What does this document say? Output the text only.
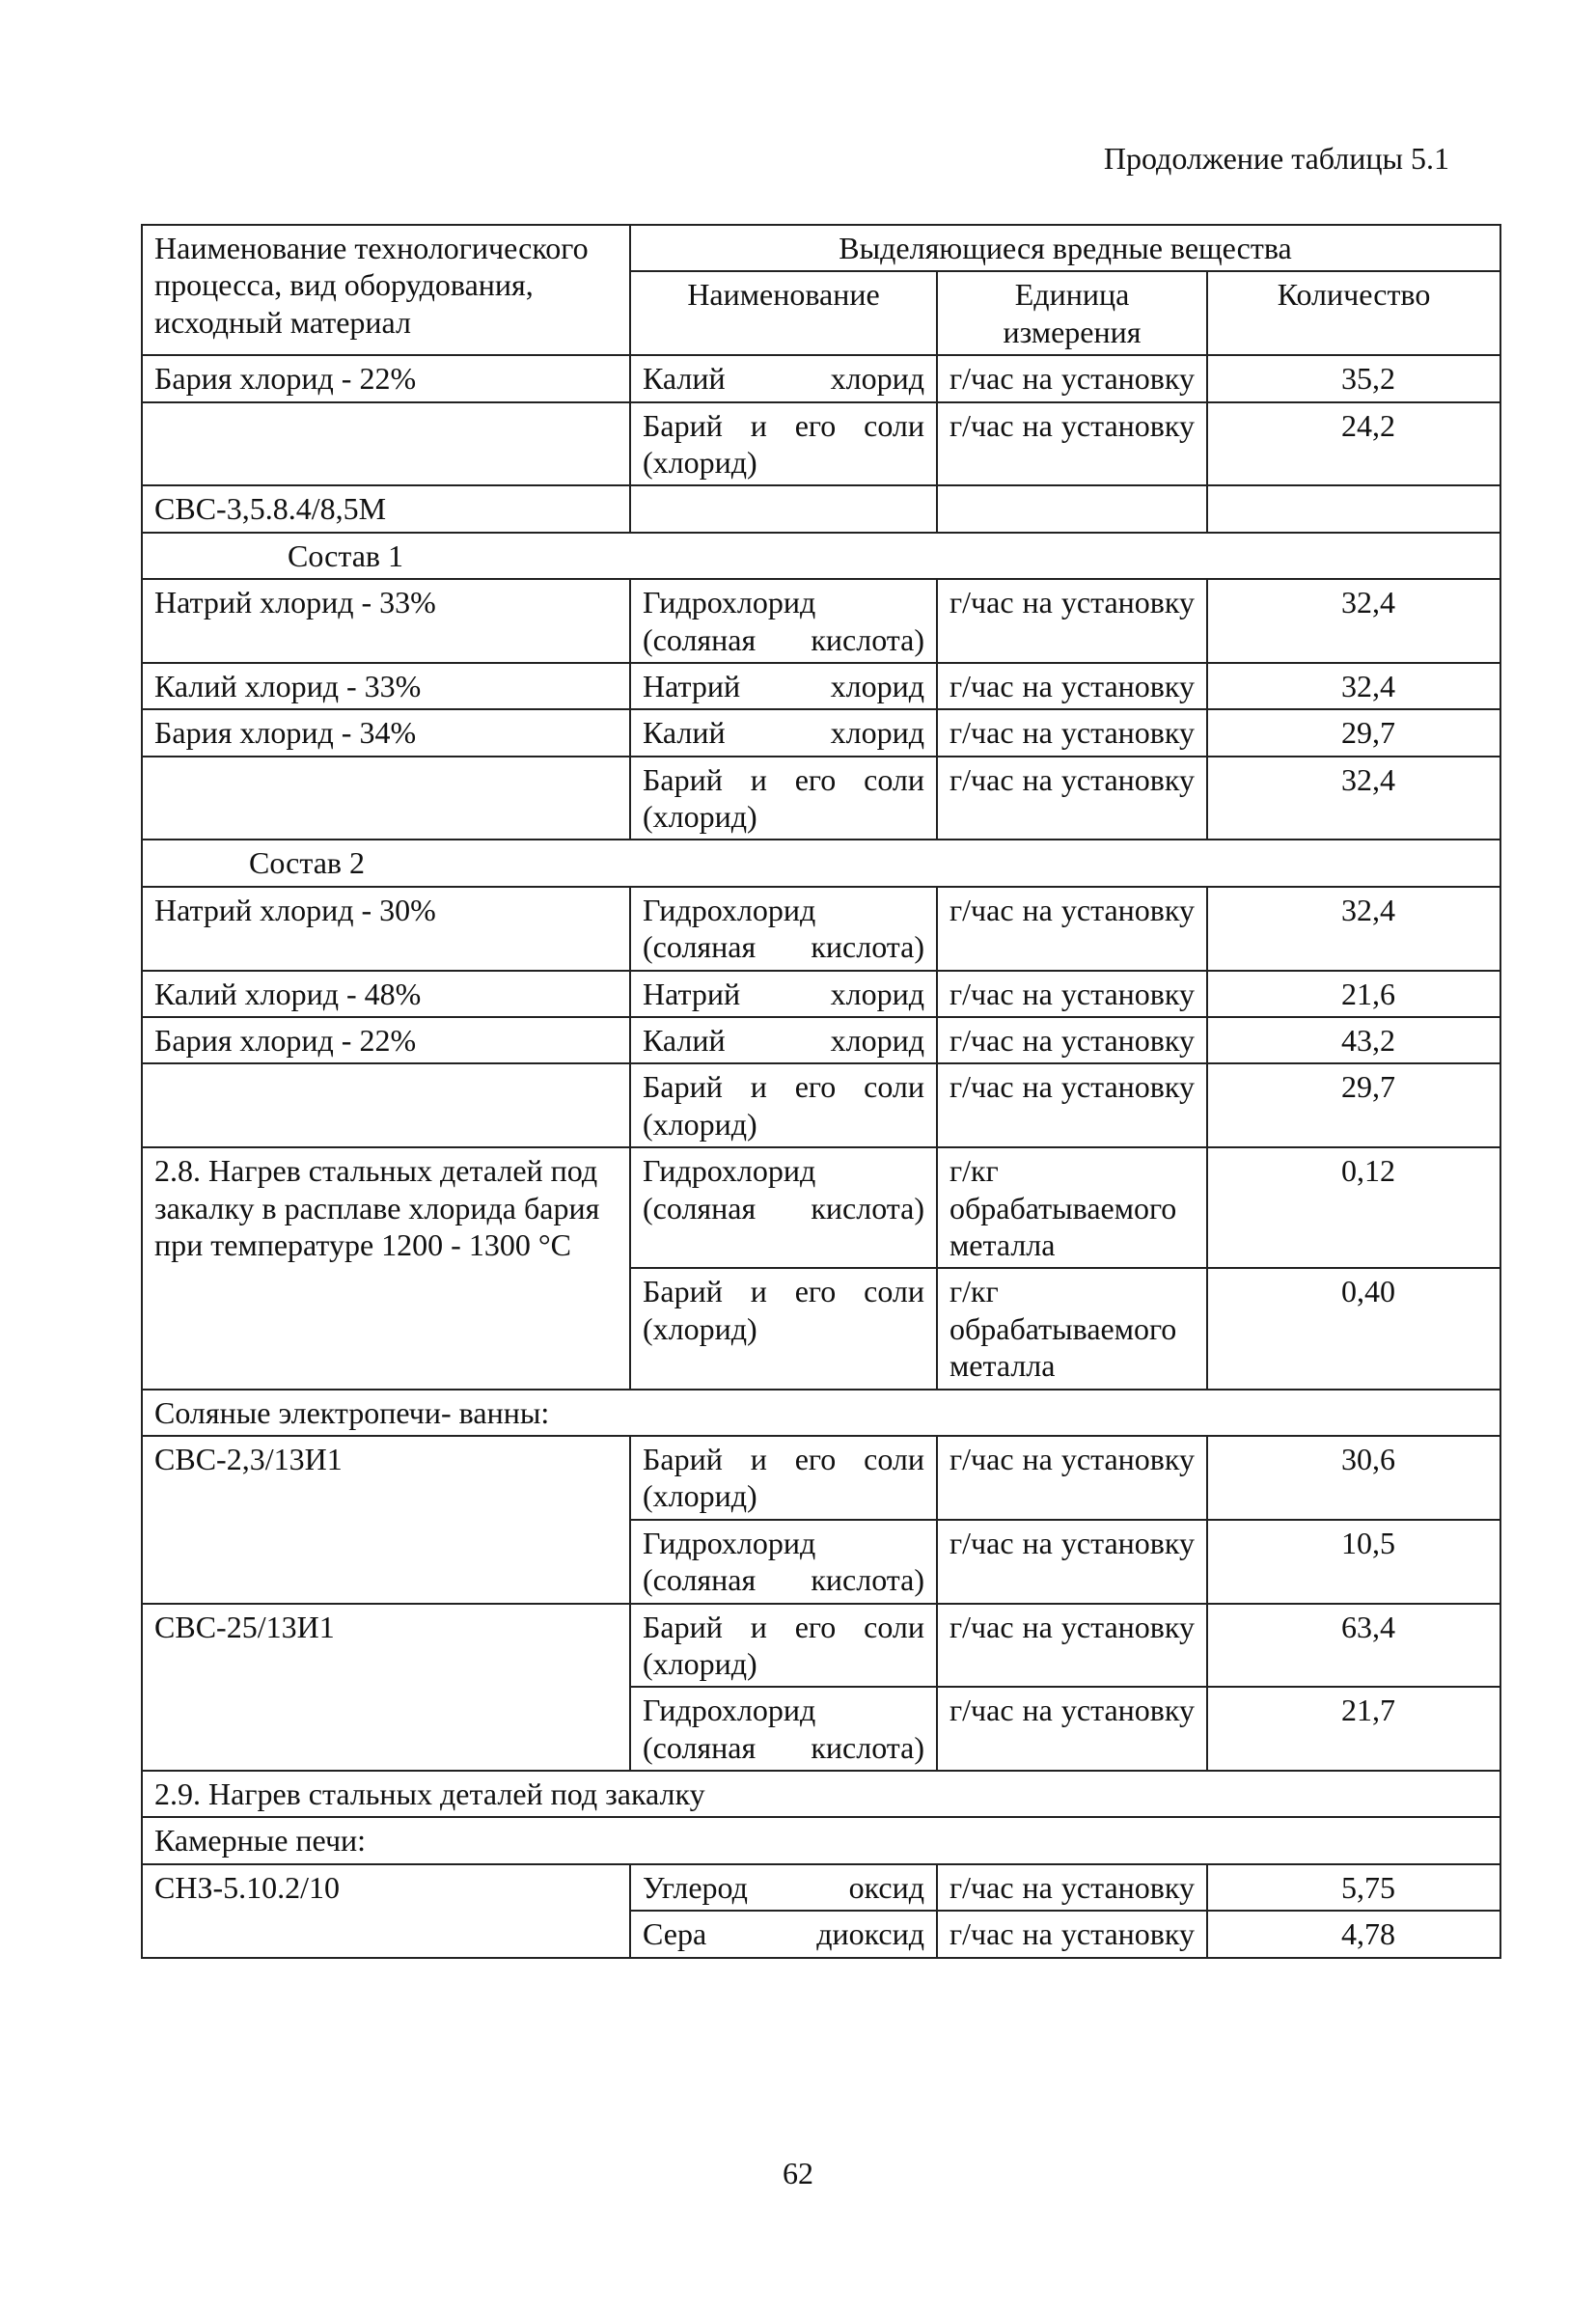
Продолжение таблицы 5.1
Наименование технологического процесса, вид оборудования, исходный материал	Выделяющиеся вредные вещества		
	Наименование	Единица измерения	Количество
Бария хлорид - 22%	Калий хлорид	г/час на установку	35,2
	Барий и его соли (хлорид)	г/час на установку	24,2
СВС-3,5.8.4/8,5М			
Состав 1			
Натрий хлорид - 33%	Гидрохлорид (соляная кислота)	г/час на установку	32,4
Калий хлорид - 33%	Натрий хлорид	г/час на установку	32,4
Бария хлорид - 34%	Калий хлорид	г/час на установку	29,7
	Барий и его соли (хлорид)	г/час на установку	32,4
Состав 2			
Натрий хлорид - 30%	Гидрохлорид (соляная кислота)	г/час на установку	32,4
Калий хлорид - 48%	Натрий хлорид	г/час на установку	21,6
Бария хлорид - 22%	Калий хлорид	г/час на установку	43,2
	Барий и его соли (хлорид)	г/час на установку	29,7
2.8. Нагрев стальных деталей под закалку в расплаве хлорида бария при температуре 1200 - 1300 °C	Гидрохлорид (соляная кислота)	г/кг обрабатываемого металла	0,12
	Барий и его соли (хлорид)	г/кг обрабатываемого металла	0,40
Соляные электропечи- ванны:			
СВС-2,3/13И1	Барий и его соли (хлорид)	г/час на установку	30,6
	Гидрохлорид (соляная кислота)	г/час на установку	10,5
СВС-25/13И1	Барий и его соли (хлорид)	г/час на установку	63,4
	Гидрохлорид (соляная кислота)	г/час на установку	21,7
2.9. Нагрев стальных деталей под закалку			
Камерные печи:			
СНЗ-5.10.2/10	Углерод оксид	г/час на установку	5,75
	Сера диоксид	г/час на установку	4,78
62
